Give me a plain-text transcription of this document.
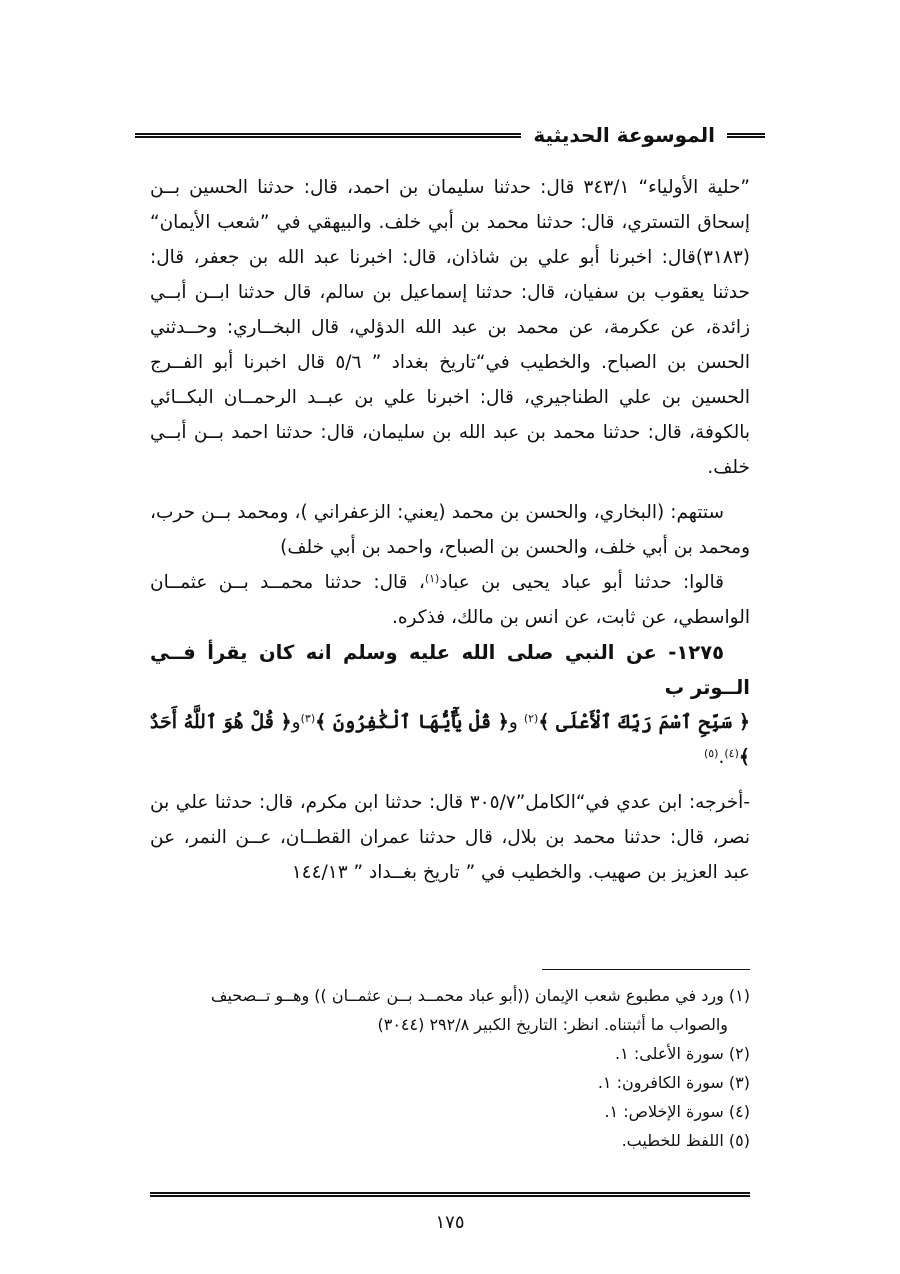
الموسوعة الحديثية

”حلية الأولياء“ ٣٤٣/١ قال: حدثنا سليمان بن احمد، قال: حدثنا الحسين بــن إسحاق التستري، قال: حدثنا محمد بن أبي خلف. والبيهقي في ”شعب الأيمان“ (٣١٨٣)قال: اخبرنا أبو علي بن شاذان، قال: اخبرنا عبد الله بن جعفر، قال: حدثنا يعقوب بن سفيان، قال: حدثنا إسماعيل بن سالم، قال حدثنا ابــن أبــي زائدة، عن عكرمة، عن محمد بن عبد الله الدؤلي، قال البخــاري: وحــدثني الحسن بن الصباح. والخطيب في“تاريخ بغداد ” ٥/٦ قال اخبرنا أبو الفــرج الحسين بن علي الطناجيري، قال: اخبرنا علي بن عبــد الرحمــان البكــائي بالكوفة، قال: حدثنا محمد بن عبد الله بن سليمان، قال: حدثنا احمد بــن أبــي خلف.

ستتهم: (البخاري، والحسن بن محمد (يعني: الزعفراني )، ومحمد بــن حرب، ومحمد بن أبي خلف، والحسن بن الصباح، واحمد بن أبي خلف)

قالوا: حدثنا أبو عباد يحيى بن عباد$^{(١)}$، قال: حدثنا محمــد بــن عثمــان الواسطي، عن ثابت، عن انس بن مالك، فذكره.

١٢٧٥- عن النبي صلى الله عليه وسلم انه كان يقرأ فــي الــوتر ب

﴿ سَبِّحِ ٱسْمَ رَبِّكَ ٱلْأَعْلَى ﴾$^{(٢)}$ و﴿ قُلْ يَٰٓأَيُّهَا ٱلْكَٰفِرُونَ ﴾$^{(٣)}$و﴿ قُلْ هُوَ ٱللَّهُ أَحَدٌ ﴾$^{(٤)}$.$^{(٥)}$

-أخرجه: ابن عدي في“الكامل”٣٠٥/٧ قال: حدثنا ابن مكرم، قال: حدثنا علي بن نصر، قال: حدثنا محمد بن بلال، قال حدثنا عمران القطــان، عــن النمر، عن عبد العزيز بن صهيب. والخطيب في ” تاريخ بغــداد ” ١٤٤/١٣

(١) ورد في مطبوع شعب الإيمان ((أبو عباد محمــد بــن عثمــان )) وهــو تــصحيف
والصواب ما أثبتناه. انظر: التاريخ الكبير ٢٩٢/٨ (٣٠٤٤)
(٢) سورة الأعلى: ١.
(٣) سورة الكافرون: ١.
(٤) سورة الإخلاص: ١.
(٥) اللفظ للخطيب.
١٧٥
